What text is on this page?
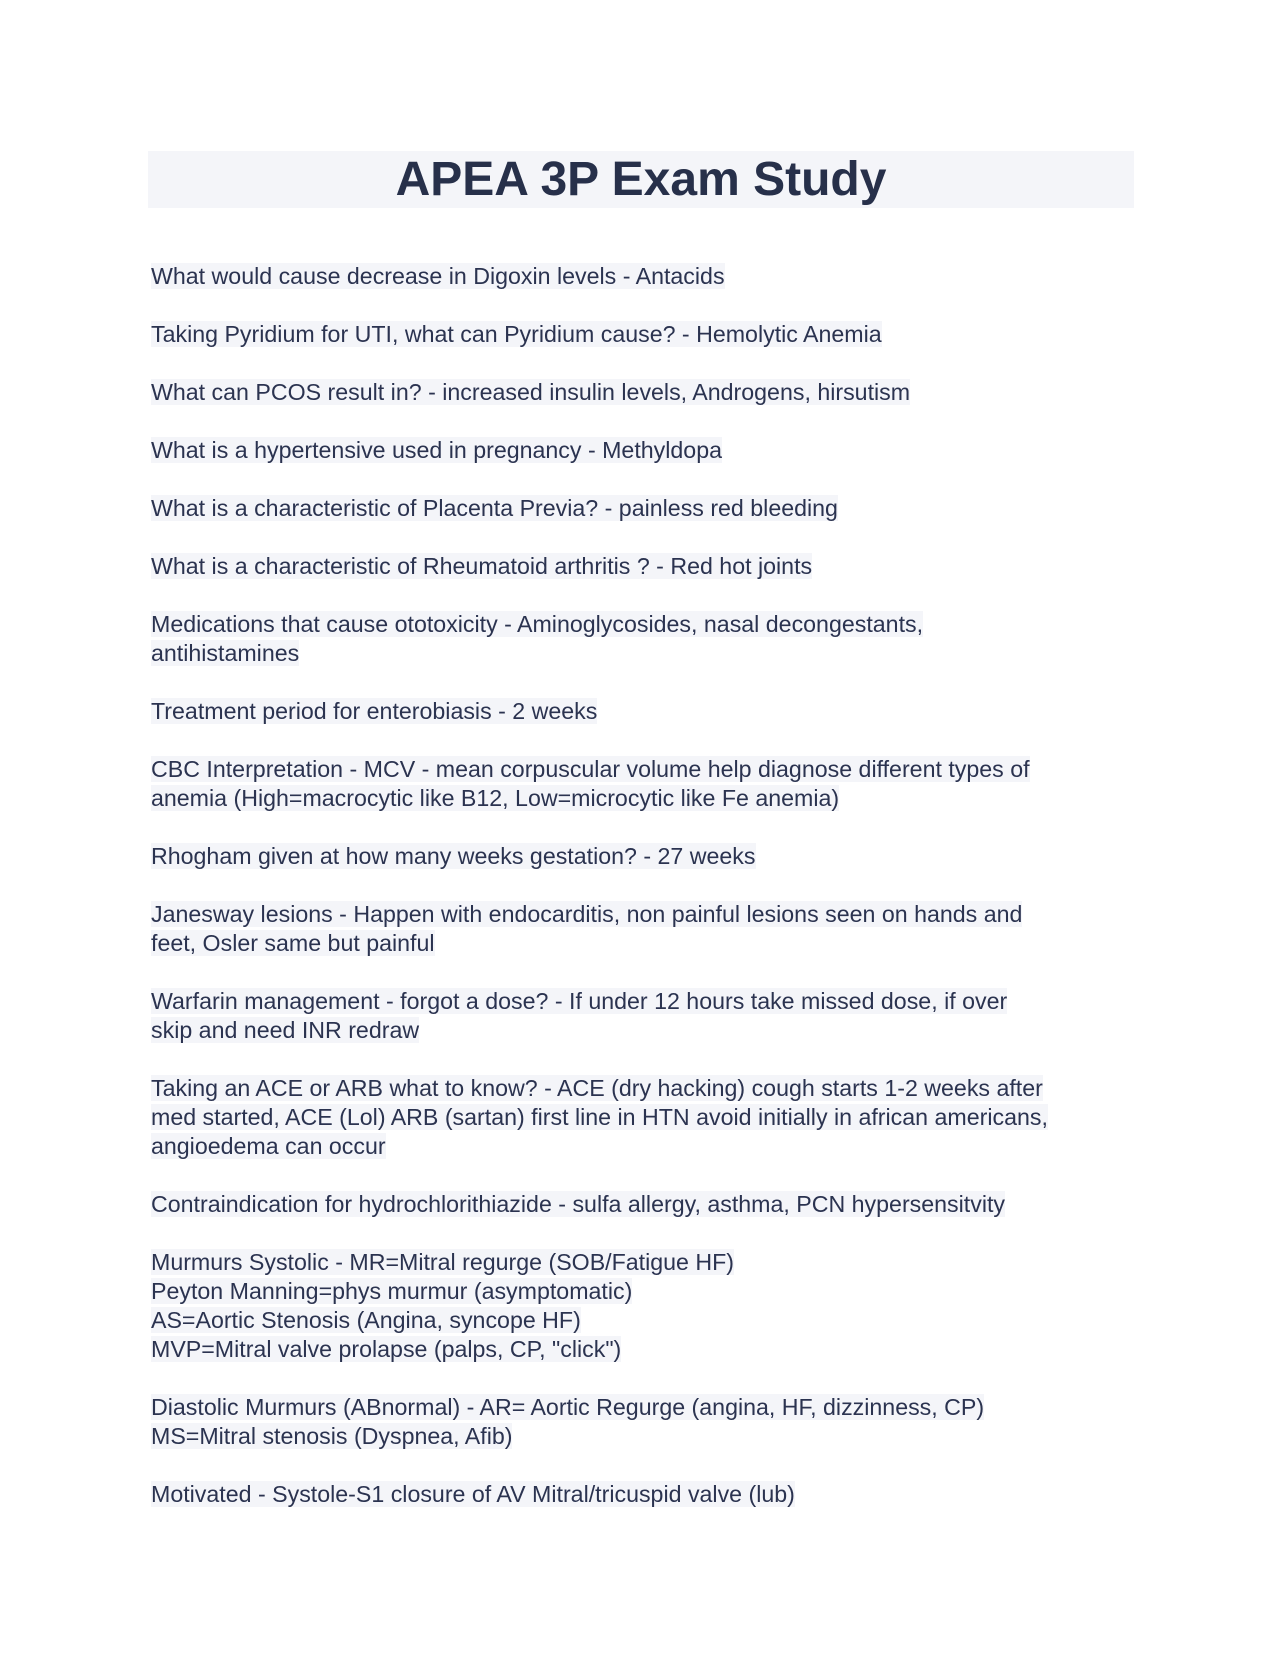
APEA 3P Exam Study
What would cause decrease in Digoxin levels - Antacids
Taking Pyridium for UTI, what can Pyridium cause? - Hemolytic Anemia
What can PCOS result in? - increased insulin levels, Androgens, hirsutism
What is a hypertensive used in pregnancy - Methyldopa
What is a characteristic of Placenta Previa? - painless red bleeding
What is a characteristic of Rheumatoid arthritis ? - Red hot joints
Medications that cause ototoxicity - Aminoglycosides, nasal decongestants,
antihistamines
Treatment period for enterobiasis - 2 weeks
CBC Interpretation - MCV - mean corpuscular volume help diagnose different types of
anemia (High=macrocytic like B12, Low=microcytic like Fe anemia)
Rhogham given at how many weeks gestation? - 27 weeks
Janesway lesions - Happen with endocarditis, non painful lesions seen on hands and
feet, Osler same but painful
Warfarin management - forgot a dose? - If under 12 hours take missed dose, if over
skip and need INR redraw
Taking an ACE or ARB what to know? - ACE (dry hacking) cough starts 1-2 weeks after
med started, ACE (Lol) ARB (sartan) first line in HTN avoid initially in african americans,
angioedema can occur
Contraindication for hydrochlorithiazide - sulfa allergy, asthma, PCN hypersensitvity
Murmurs Systolic - MR=Mitral regurge (SOB/Fatigue HF)
Peyton Manning=phys murmur (asymptomatic)
AS=Aortic Stenosis (Angina, syncope HF)
MVP=Mitral valve prolapse (palps, CP, "click")
Diastolic Murmurs (ABnormal) - AR= Aortic Regurge (angina, HF, dizzinness, CP)
MS=Mitral stenosis (Dyspnea, Afib)
Motivated - Systole-S1 closure of AV Mitral/tricuspid valve (lub)
